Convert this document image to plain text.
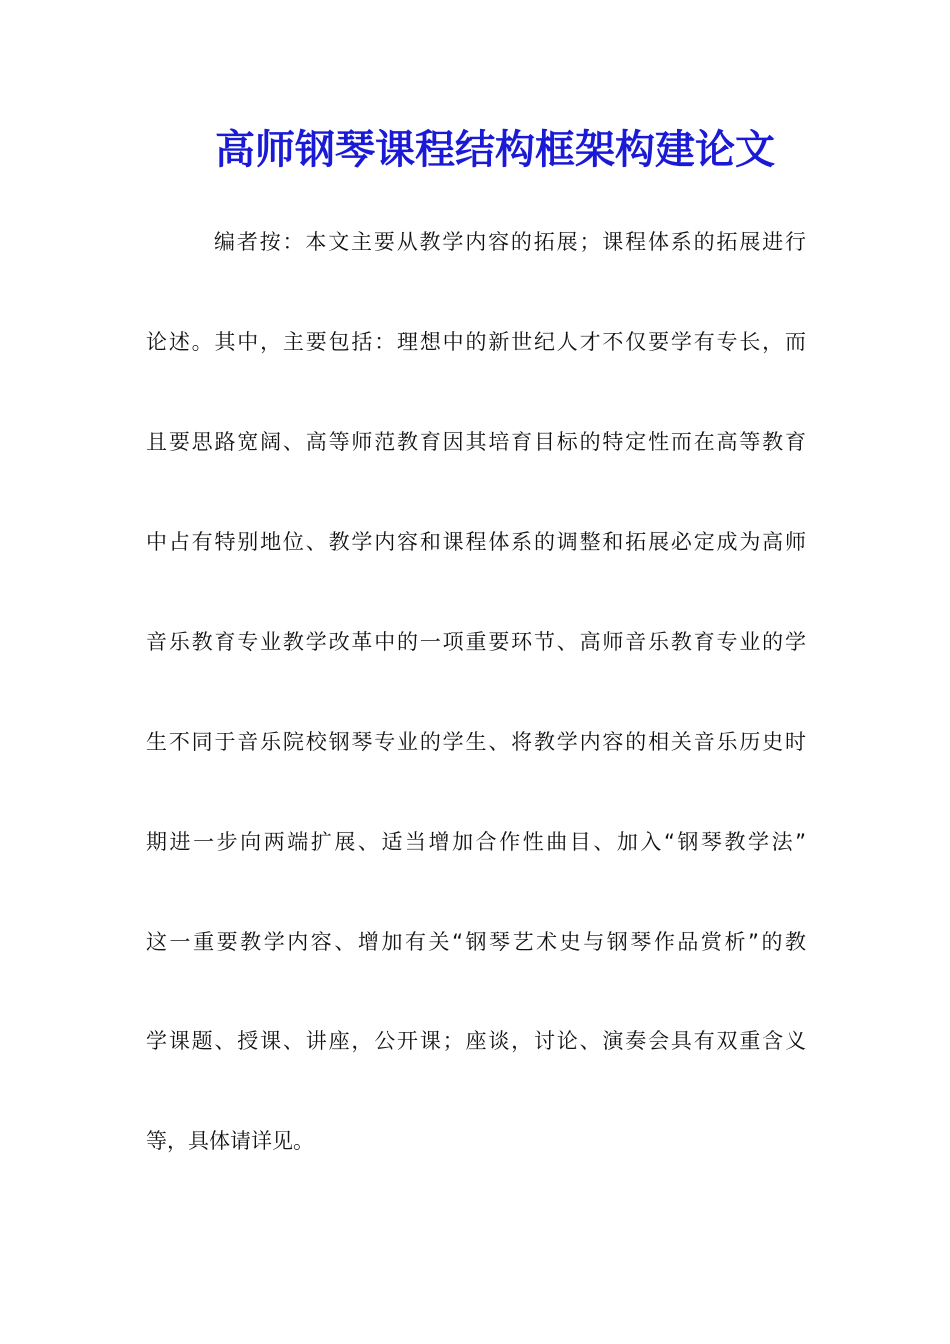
高师钢琴课程结构框架构建论文
编者按：本文主要从教学内容的拓展；课程体系的拓展进行
论述。其中，主要包括：理想中的新世纪人才不仅要学有专长，而
且要思路宽阔、高等师范教育因其培育目标的特定性而在高等教育
中占有特别地位、教学内容和课程体系的调整和拓展必定成为高师
音乐教育专业教学改革中的一项重要环节、高师音乐教育专业的学
生不同于音乐院校钢琴专业的学生、将教学内容的相关音乐历史时
期进一步向两端扩展、适当增加合作性曲目、加入“钢琴教学法”
这一重要教学内容、增加有关“钢琴艺术史与钢琴作品赏析”的教
学课题、授课、讲座，公开课；座谈，讨论、演奏会具有双重含义
等，具体请详见。
